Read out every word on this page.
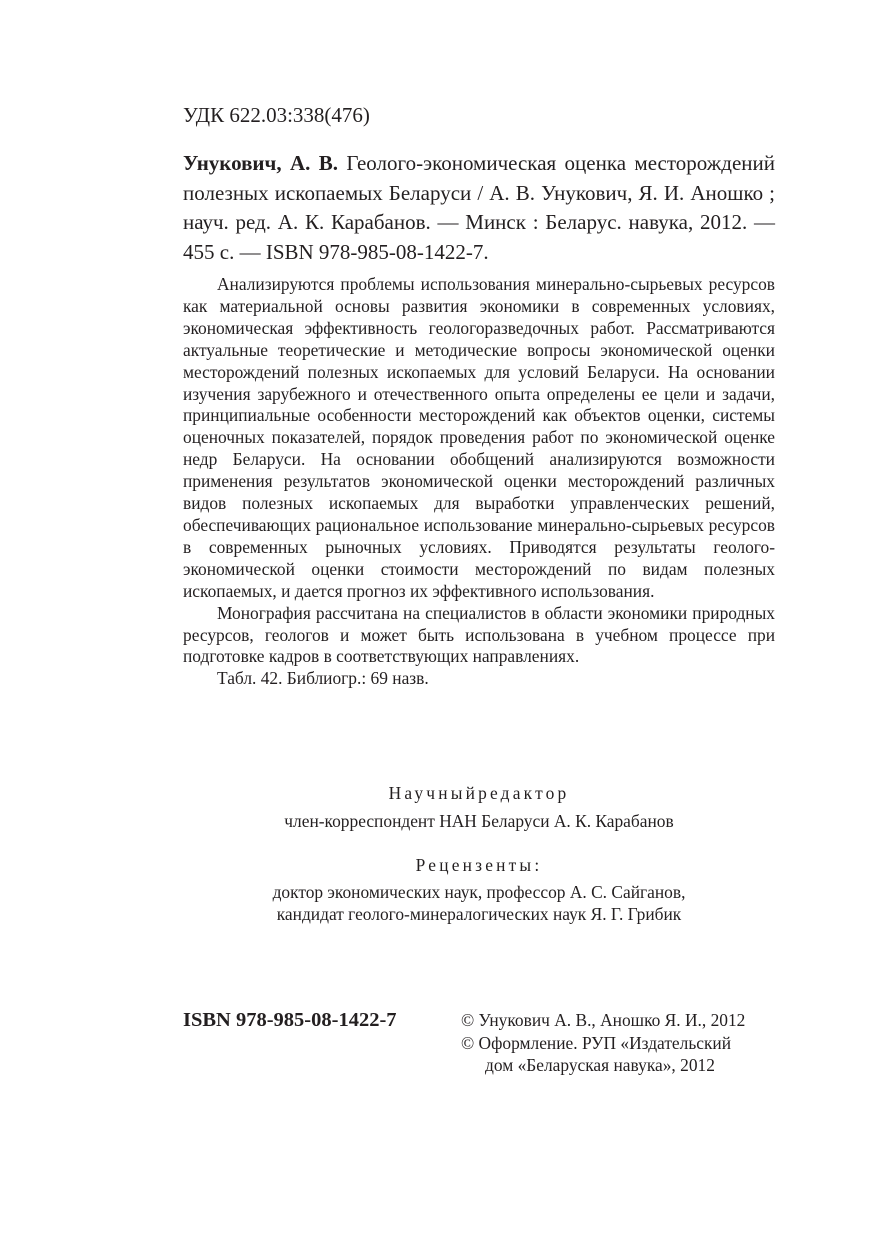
УДК 622.03:338(476)
Унукович, А. В. Геолого-экономическая оценка месторождений полезных ископаемых Беларуси / А. В. Унукович, Я. И. Аношко ; науч. ред. А. К. Карабанов. — Минск : Беларус. навука, 2012. — 455 с. — ISBN 978-985-08-1422-7.

Анализируются проблемы использования минерально-сырьевых ресурсов как материальной основы развития экономики в современных условиях, экономическая эффективность геологоразведочных работ. Рассматриваются актуальные теоретические и методические вопросы экономической оценки месторождений полезных ископаемых для условий Беларуси. На основании изучения зарубежного и отечественного опыта определены ее цели и задачи, принципиальные особенности месторождений как объектов оценки, системы оценочных показателей, порядок проведения работ по экономической оценке недр Беларуси. На основании обобщений анализируются возможности применения результатов экономической оценки месторождений различных видов полезных ископаемых для выработки управленческих решений, обеспечивающих рациональное использование минерально-сырьевых ресурсов в современных рыночных условиях. Приводятся результаты геолого-экономической оценки стоимости месторождений по видам полезных ископаемых, и дается прогноз их эффективного использования.

Монография рассчитана на специалистов в области экономики природных ресурсов, геологов и может быть использована в учебном процессе при подготовке кадров в соответствующих направлениях.

Табл. 42. Библиогр.: 69 назв.

Научныйредактор
член-корреспондент НАН Беларуси А. К. Карабанов
Рецензенты:
доктор экономических наук, профессор А. С. Сайганов,
кандидат геолого-минералогических наук Я. Г. Грибик
ISBN 978-985-08-1422-7	© Унукович А. В., Аношко Я. И., 2012
© Оформление. РУП «Издательский
дом «Беларуская навука», 2012
